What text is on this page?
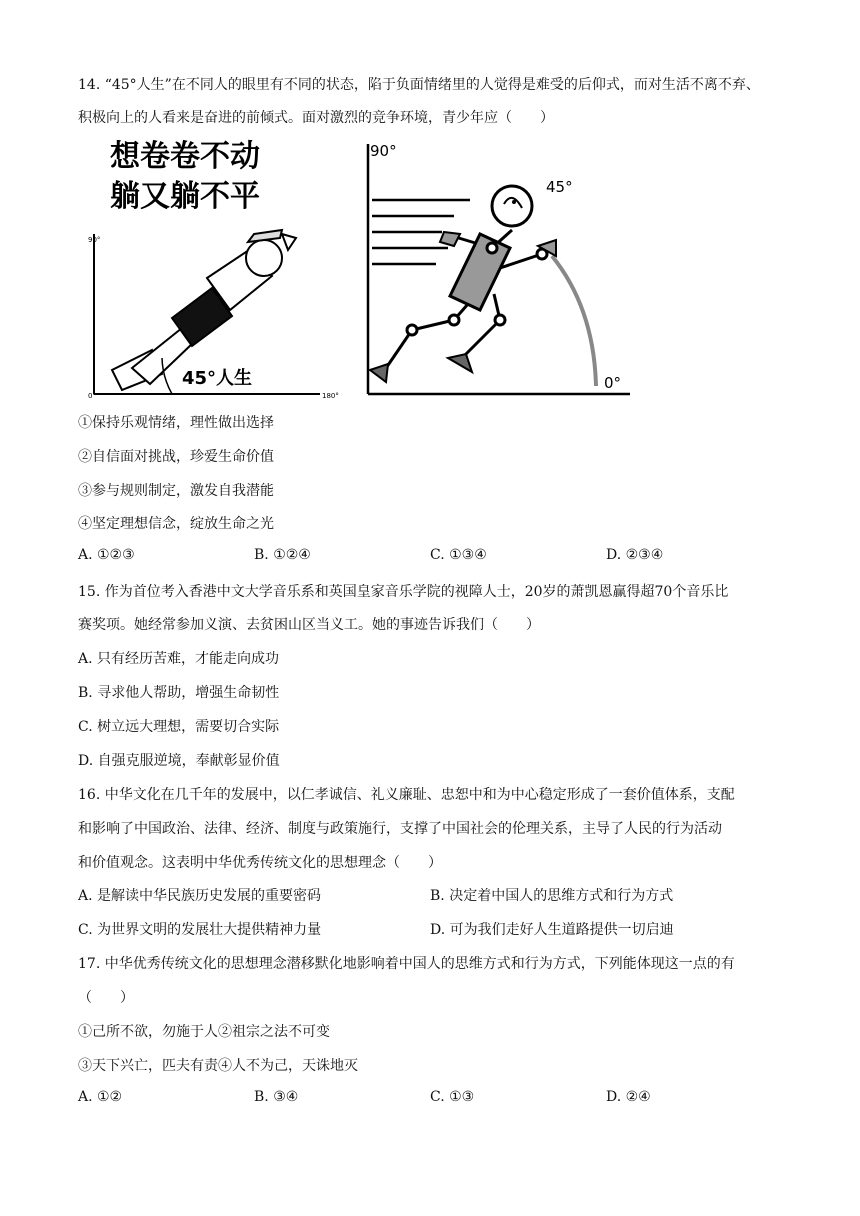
14. “45°人生”在不同人的眼里有不同的状态，陷于负面情绪里的人觉得是难受的后仰式，而对生活不离不弃、
积极向上的人看来是奋进的前倾式。面对激烈的竞争环境，青少年应（　　）
想卷卷不动
躺又躺不平
90°
0°	180°
45°人生
90°
45°
0°
①保持乐观情绪，理性做出选择
②自信面对挑战，珍爱生命价值
③参与规则制定，激发自我潜能
④坚定理想信念，绽放生命之光
A. ①②③	B. ①②④	C. ①③④	D. ②③④
15. 作为首位考入香港中文大学音乐系和英国皇家音乐学院的视障人士，20岁的萧凯恩赢得超70个音乐比
赛奖项。她经常参加义演、去贫困山区当义工。她的事迹告诉我们（　　）
A. 只有经历苦难，才能走向成功
B. 寻求他人帮助，增强生命韧性
C. 树立远大理想，需要切合实际
D. 自强克服逆境，奉献彰显价值
16. 中华文化在几千年的发展中，以仁孝诚信、礼义廉耻、忠恕中和为中心稳定形成了一套价值体系，支配
和影响了中国政治、法律、经济、制度与政策施行，支撑了中国社会的伦理关系，主导了人民的行为活动
和价值观念。这表明中华优秀传统文化的思想理念（　　）
A. 是解读中华民族历史发展的重要密码	B. 决定着中国人的思维方式和行为方式
C. 为世界文明的发展壮大提供精神力量	D. 可为我们走好人生道路提供一切启迪
17. 中华优秀传统文化的思想理念潜移默化地影响着中国人的思维方式和行为方式，下列能体现这一点的有
（　　）
①己所不欲，勿施于人②祖宗之法不可变
③天下兴亡，匹夫有责④人不为己，天诛地灭
A. ①②	B. ③④	C. ①③	D. ②④
